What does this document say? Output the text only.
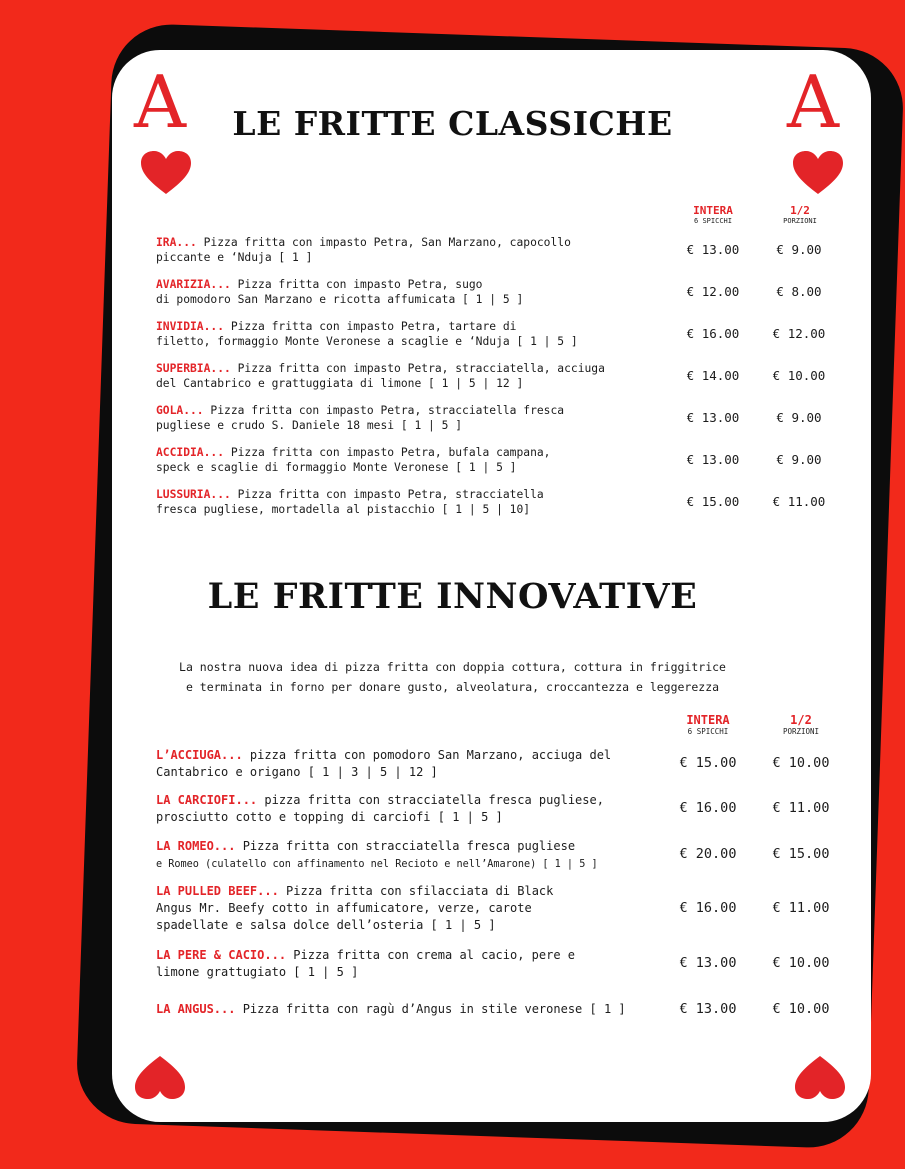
A	A
LE FRITTE CLASSICHE
INTERA
6 SPICCHI
1/2
PORZIONI
IRA... Pizza fritta con impasto Petra, San Marzano, capocollo
piccante e ‘Nduja [ 1 ]
€ 13.00	€ 9.00
AVARIZIA... Pizza fritta con impasto Petra, sugo
di pomodoro San Marzano e ricotta affumicata [ 1 | 5 ]
€ 12.00	€ 8.00
INVIDIA... Pizza fritta con impasto Petra, tartare di
filetto, formaggio Monte Veronese a scaglie e ‘Nduja [ 1 | 5 ]
€ 16.00	€ 12.00
SUPERBIA... Pizza fritta con impasto Petra, stracciatella, acciuga
del Cantabrico e grattuggiata di limone [ 1 | 5 | 12 ]
€ 14.00	€ 10.00
GOLA... Pizza fritta con impasto Petra, stracciatella fresca
pugliese e crudo S. Daniele 18 mesi [ 1 | 5 ]
€ 13.00	€ 9.00
ACCIDIA... Pizza fritta con impasto Petra, bufala campana,
speck e scaglie di formaggio Monte Veronese [ 1 | 5 ]
€ 13.00	€ 9.00
LUSSURIA... Pizza fritta con impasto Petra, stracciatella
fresca pugliese, mortadella al pistacchio [ 1 | 5 | 10]
€ 15.00	€ 11.00
LE FRITTE INNOVATIVE
La nostra nuova idea di pizza fritta con doppia cottura, cottura in friggitrice
e terminata in forno per donare gusto, alveolatura, croccantezza e leggerezza
INTERA
6 SPICCHI
1/2
PORZIONI
L’ACCIUGA... pizza fritta con pomodoro San Marzano, acciuga del
Cantabrico e origano [ 1 | 3 | 5 | 12 ]
€ 15.00	€ 10.00
LA CARCIOFI... pizza fritta con stracciatella fresca pugliese,
prosciutto cotto e topping di carciofi [ 1 | 5 ]
€ 16.00	€ 11.00
LA ROMEO... Pizza fritta con stracciatella fresca pugliese
e Romeo (culatello con affinamento nel Recioto e nell’Amarone) [ 1 | 5 ]
€ 20.00	€ 15.00
LA PULLED BEEF... Pizza fritta con sfilacciata di Black
Angus Mr. Beefy cotto in affumicatore, verze, carote
spadellate e salsa dolce dell’osteria [ 1 | 5 ]
€ 16.00	€ 11.00
LA PERE & CACIO... Pizza fritta con crema al cacio, pere e
limone grattugiato [ 1 | 5 ]
€ 13.00	€ 10.00
LA ANGUS... Pizza fritta con ragù d’Angus in stile veronese [ 1 ]	€ 13.00	€ 10.00
